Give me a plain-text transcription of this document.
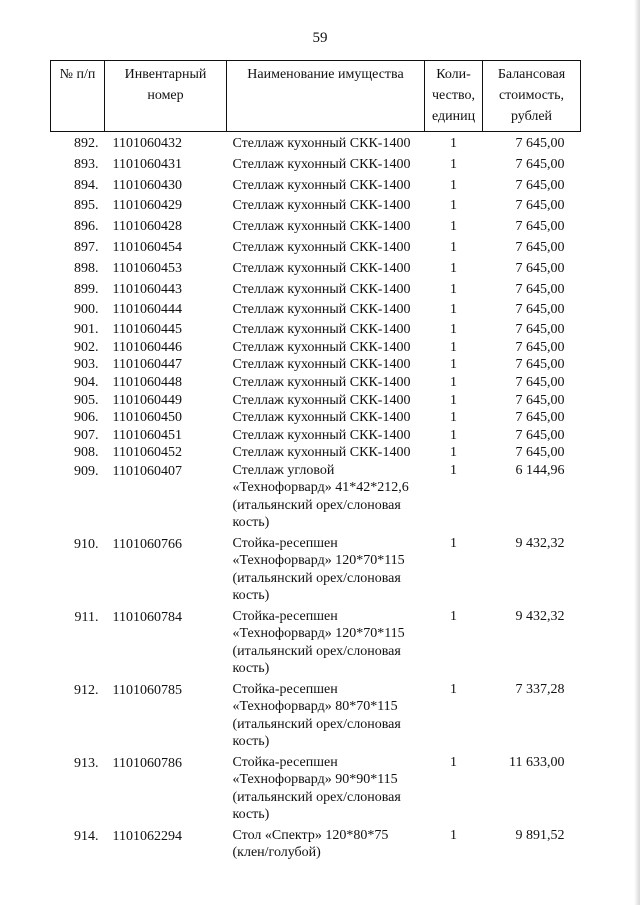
59
№ п/п	Инвентарный номер	Наименование имущества	Коли-чество, единиц	Балансовая стоимость, рублей
892.	1101060432	Стеллаж кухонный СКК-1400	1	7 645,00
893.	1101060431	Стеллаж кухонный СКК-1400	1	7 645,00
894.	1101060430	Стеллаж кухонный СКК-1400	1	7 645,00
895.	1101060429	Стеллаж кухонный СКК-1400	1	7 645,00
896.	1101060428	Стеллаж кухонный СКК-1400	1	7 645,00
897.	1101060454	Стеллаж кухонный СКК-1400	1	7 645,00
898.	1101060453	Стеллаж кухонный СКК-1400	1	7 645,00
899.	1101060443	Стеллаж кухонный СКК-1400	1	7 645,00
900.	1101060444	Стеллаж кухонный СКК-1400	1	7 645,00
901.	1101060445	Стеллаж кухонный СКК-1400	1	7 645,00
902.	1101060446	Стеллаж кухонный СКК-1400	1	7 645,00
903.	1101060447	Стеллаж кухонный СКК-1400	1	7 645,00
904.	1101060448	Стеллаж кухонный СКК-1400	1	7 645,00
905.	1101060449	Стеллаж кухонный СКК-1400	1	7 645,00
906.	1101060450	Стеллаж кухонный СКК-1400	1	7 645,00
907.	1101060451	Стеллаж кухонный СКК-1400	1	7 645,00
908.	1101060452	Стеллаж кухонный СКК-1400	1	7 645,00
909.	1101060407	Стеллаж угловой
«Технофорвард» 41*42*212,6
(итальянский орех/слоновая
кость)	1	6 144,96
910.	1101060766	Стойка-ресепшен
«Технофорвард» 120*70*115
(итальянский орех/слоновая
кость)	1	9 432,32
911.	1101060784	Стойка-ресепшен
«Технофорвард» 120*70*115
(итальянский орех/слоновая
кость)	1	9 432,32
912.	1101060785	Стойка-ресепшен
«Технофорвард» 80*70*115
(итальянский орех/слоновая
кость)	1	7 337,28
913.	1101060786	Стойка-ресепшен
«Технофорвард» 90*90*115
(итальянский орех/слоновая
кость)	1	11 633,00
914.	1101062294	Стол «Спектр» 120*80*75
(клен/голубой)	1	9 891,52
